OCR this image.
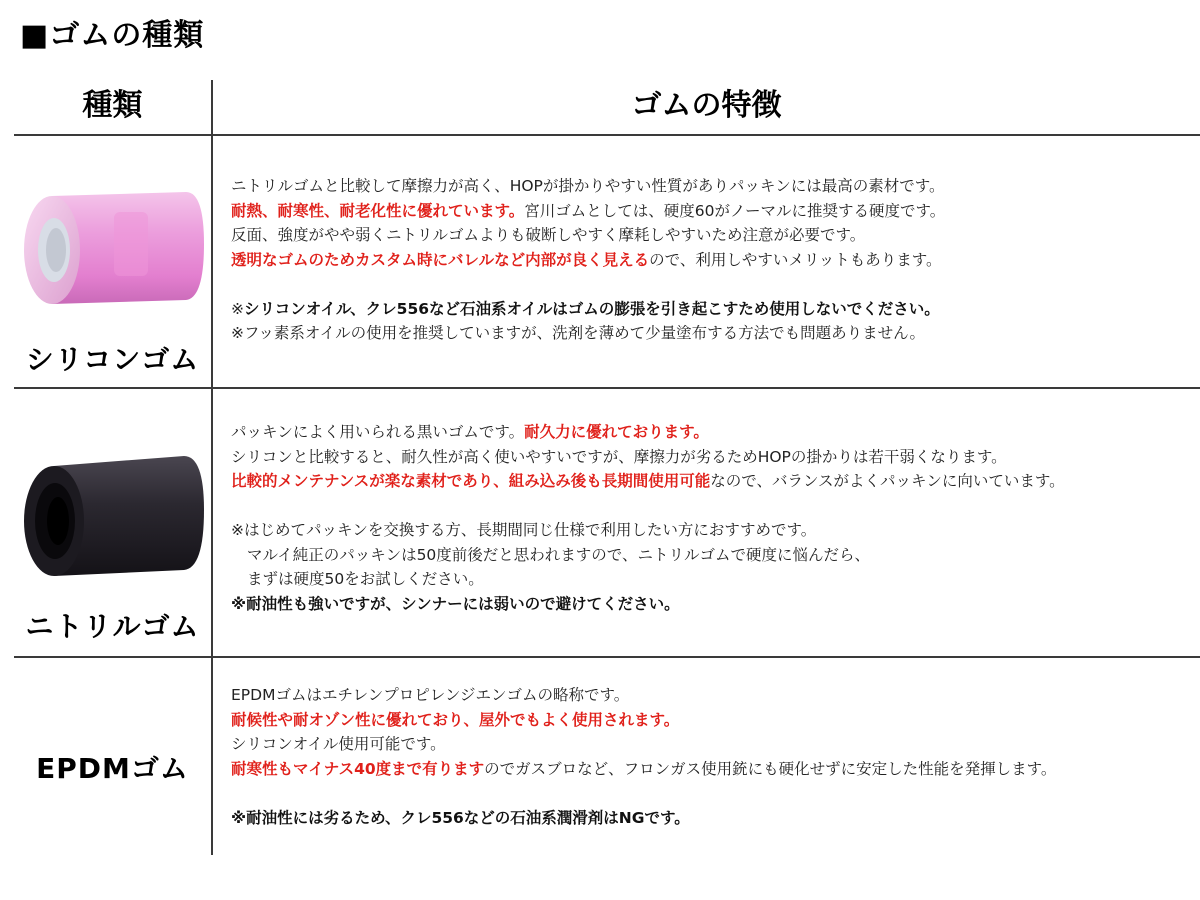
■ゴムの種類
種類	ゴムの特徴
シリコンゴム
ニトリルゴムと比較して摩擦力が高く、HOPが掛かりやすい性質がありパッキンには最高の素材です。
耐熱、耐寒性、耐老化性に優れています。宮川ゴムとしては、硬度60がノーマルに推奨する硬度です。
反面、強度がやや弱くニトリルゴムよりも破断しやすく摩耗しやすいため注意が必要です。
透明なゴムのためカスタム時にバレルなど内部が良く見えるので、利用しやすいメリットもあります。
※シリコンオイル、クレ556など石油系オイルはゴムの膨張を引き起こすため使用しないでください。
※フッ素系オイルの使用を推奨していますが、洗剤を薄めて少量塗布する方法でも問題ありません。
ニトリルゴム
パッキンによく用いられる黒いゴムです。耐久力に優れております。
シリコンと比較すると、耐久性が高く使いやすいですが、摩擦力が劣るためHOPの掛かりは若干弱くなります。
比較的メンテナンスが楽な素材であり、組み込み後も長期間使用可能なので、バランスがよくパッキンに向いています。
※はじめてパッキンを交換する方、長期間同じ仕様で利用したい方におすすめです。
マルイ純正のパッキンは50度前後だと思われますので、ニトリルゴムで硬度に悩んだら、
まずは硬度50をお試しください。
※耐油性も強いですが、シンナーには弱いので避けてください。
EPDMゴム
EPDMゴムはエチレンプロピレンジエンゴムの略称です。
耐候性や耐オゾン性に優れており、屋外でもよく使用されます。
シリコンオイル使用可能です。
耐寒性もマイナス40度まで有りますのでガスブロなど、フロンガス使用銃にも硬化せずに安定した性能を発揮します。
※耐油性には劣るため、クレ556などの石油系潤滑剤はNGです。
